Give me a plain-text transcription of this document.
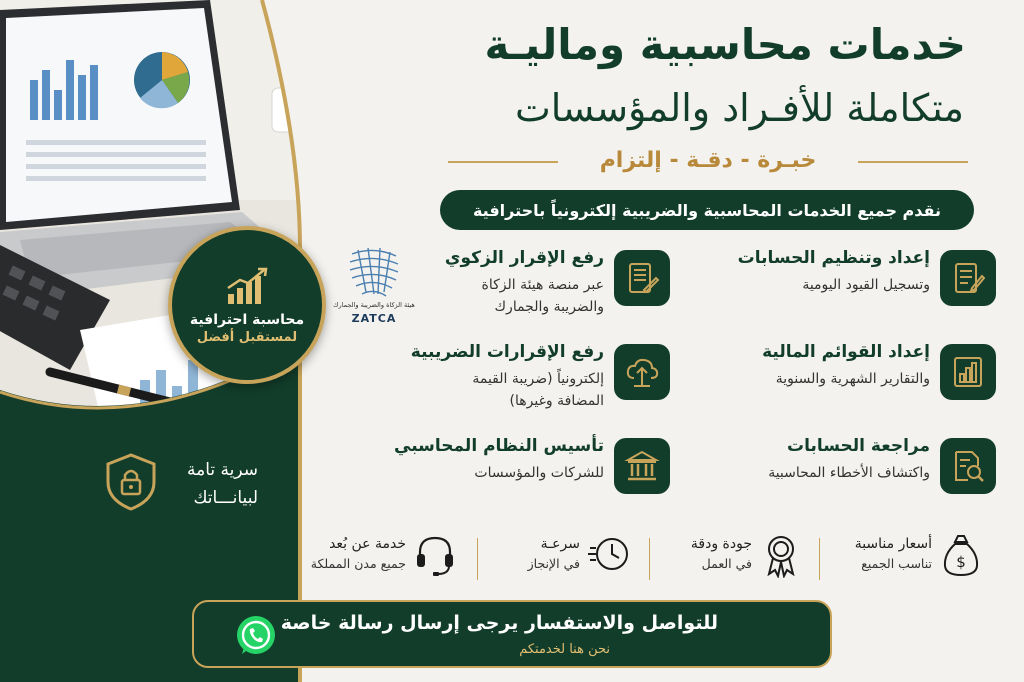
محاسبة احترافية
لمستقبل أفضل
سرية تامة
لبيانـــاتك
هيئة الزكاة والضريبة والجمارك
ZATCA
خدمات محاسبية وماليـة
متكاملة للأفـراد والمؤسسات
خبـرة - دقـة - إلتزام
نقدم جميع الخدمات المحاسبية والضريبية إلكترونياً باحترافية
إعداد وتنظيم الحسابات
وتسجيل القيود اليومية
إعداد القوائم المالية
والتقارير الشهرية والسنوية
مراجعة الحسابات
واكتشاف الأخطاء المحاسبية
رفع الإقرار الزكوي
عبر منصة هيئة الزكاة والضريبة والجمارك
رفع الإقرارات الضريبية
إلكترونياً (ضريبة القيمة المضافة وغيرها)
تأسيس النظام المحاسبي
للشركات والمؤسسات
$
أسعار مناسبة
تناسب الجميع
جودة ودقة
في العمل
سرعـة
في الإنجاز
خدمة عن بُعد
جميع مدن المملكة
للتواصل والاستفسار يرجى إرسال رسالة خاصة
نحن هنا لخدمتكم
